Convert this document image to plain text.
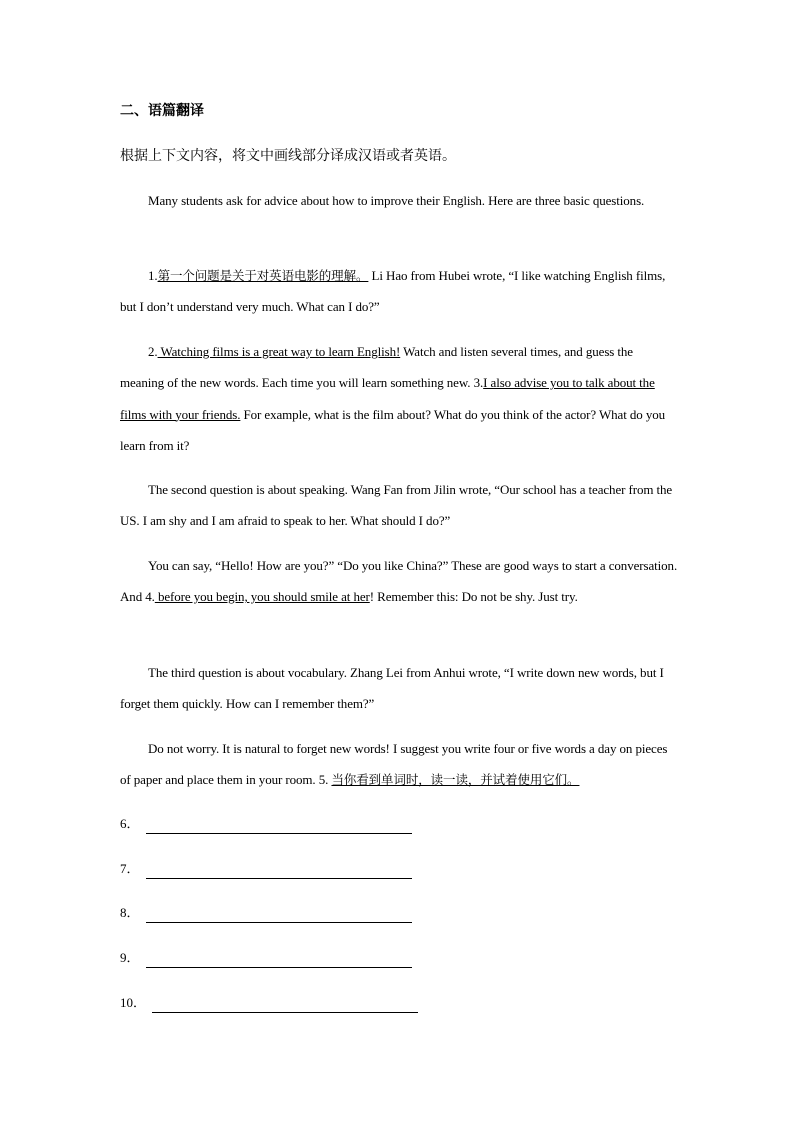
二、语篇翻译
根据上下文内容，将文中画线部分译成汉语或者英语。
Many students ask for advice about how to improve their English. Here are three basic questions.
1.第一个问题是关于对英语电影的理解。 Li Hao from Hubei wrote, “I like watching English films, but I don’t understand very much. What can I do?”
2. Watching films is a great way to learn English! Watch and listen several times, and guess the meaning of the new words. Each time you will learn something new. 3.I also advise you to talk about the films with your friends. For example, what is the film about? What do you think of the actor? What do you learn from it?
The second question is about speaking. Wang Fan from Jilin wrote, “Our school has a teacher from the US. I am shy and I am afraid to speak to her. What should I do?”
You can say, “Hello! How are you?” “Do you like China?” These are good ways to start a conversation. And 4. before you begin, you should smile at her! Remember this: Do not be shy. Just try.
The third question is about vocabulary. Zhang Lei from Anhui wrote, “I write down new words, but I forget them quickly. How can I remember them?”
Do not worry. It is natural to forget new words! I suggest you write four or five words a day on pieces of paper and place them in your room. 5. 当你看到单词时，读一读，并试着使用它们。
6．
7．
8．
9．
10．
